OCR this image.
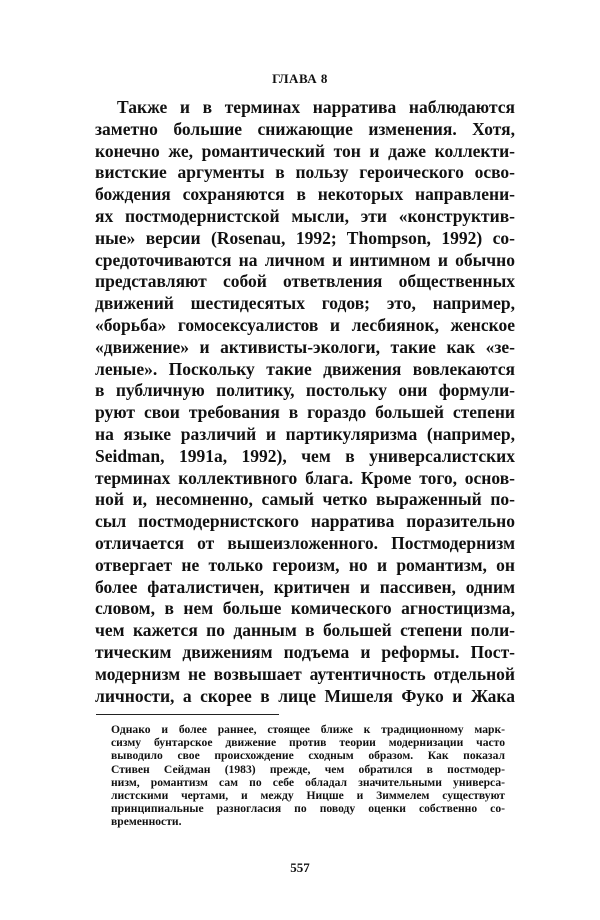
ГЛАВА 8
Также и в терминах нарратива наблюдаются
заметно большие снижающие изменения. Хотя,
конечно же, романтический тон и даже коллекти-
вистские аргументы в пользу героического осво-
бождения сохраняются в некоторых направлени-
ях постмодернистской мысли, эти «конструктив-
ные» версии (Rosenau, 1992; Thompson, 1992) со-
средоточиваются на личном и интимном и обычно
представляют собой ответвления общественных
движений шестидесятых годов; это, например,
«борьба» гомосексуалистов и лесбиянок, женское
«движение» и активисты-экологи, такие как «зе-
леные». Поскольку такие движения вовлекаются
в публичную политику, постольку они формули-
руют свои требования в гораздо большей степени
на языке различий и партикуляризма (например,
Seidman, 1991a, 1992), чем в универсалистских
терминах коллективного блага. Кроме того, основ-
ной и, несомненно, самый четко выраженный по-
сыл постмодернистского нарратива поразительно
отличается от вышеизложенного. Постмодернизм
отвергает не только героизм, но и романтизм, он
более фаталистичен, критичен и пассивен, одним
словом, в нем больше комического агностицизма,
чем кажется по данным в большей степени поли-
тическим движениям подъема и реформы. Пост-
модернизм не возвышает аутентичность отдельной
личности, а скорее в лице Мишеля Фуко и Жака
Однако и более раннее, стоящее ближе к традиционному марк-
сизму бунтарское движение против теории модернизации часто
выводило свое происхождение сходным образом. Как показал
Стивен Сейдман (1983) прежде, чем обратился в постмодер-
низм, романтизм сам по себе обладал значительными универса-
листскими чертами, и между Ницше и Зиммелем существуют
принципиальные разногласия по поводу оценки собственно со-
временности.
557
